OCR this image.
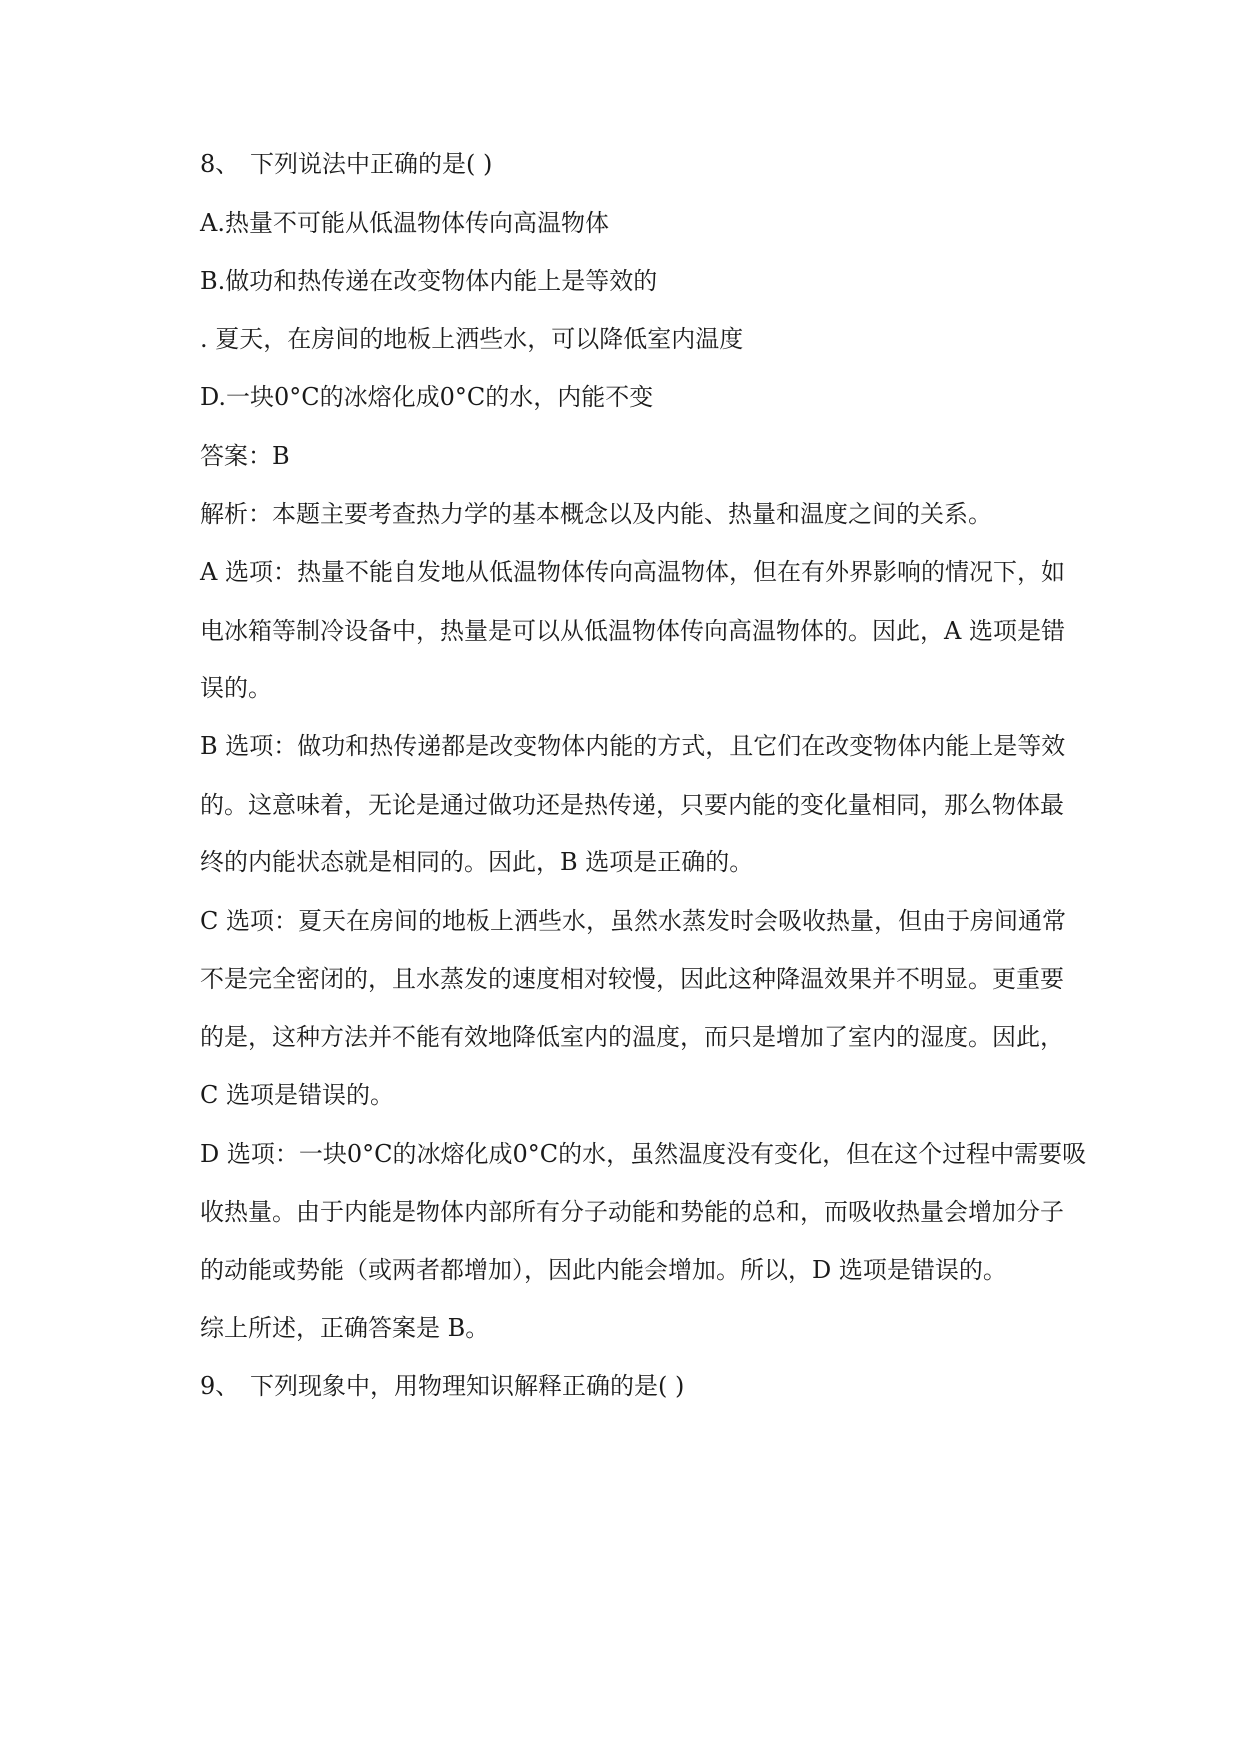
8、 下列说法中正确的是( )
A.热量不可能从低温物体传向高温物体
B.做功和热传递在改变物体内能上是等效的
. 夏天，在房间的地板上洒些水，可以降低室内温度
D.一块0°C的冰熔化成0°C的水，内能不变
答案：B
解析：本题主要考查热力学的基本概念以及内能、热量和温度之间的关系。
A 选项：热量不能自发地从低温物体传向高温物体，但在有外界影响的情况下，如
电冰箱等制冷设备中，热量是可以从低温物体传向高温物体的。因此，A 选项是错
误的。
B 选项：做功和热传递都是改变物体内能的方式，且它们在改变物体内能上是等效
的。这意味着，无论是通过做功还是热传递，只要内能的变化量相同，那么物体最
终的内能状态就是相同的。因此，B 选项是正确的。
C 选项：夏天在房间的地板上洒些水，虽然水蒸发时会吸收热量，但由于房间通常
不是完全密闭的，且水蒸发的速度相对较慢，因此这种降温效果并不明显。更重要
的是，这种方法并不能有效地降低室内的温度，而只是增加了室内的湿度。因此，
C 选项是错误的。
D 选项：一块0°C的冰熔化成0°C的水，虽然温度没有变化，但在这个过程中需要吸
收热量。由于内能是物体内部所有分子动能和势能的总和，而吸收热量会增加分子
的动能或势能（或两者都增加），因此内能会增加。所以，D 选项是错误的。
综上所述，正确答案是 B。
9、 下列现象中，用物理知识解释正确的是( )
